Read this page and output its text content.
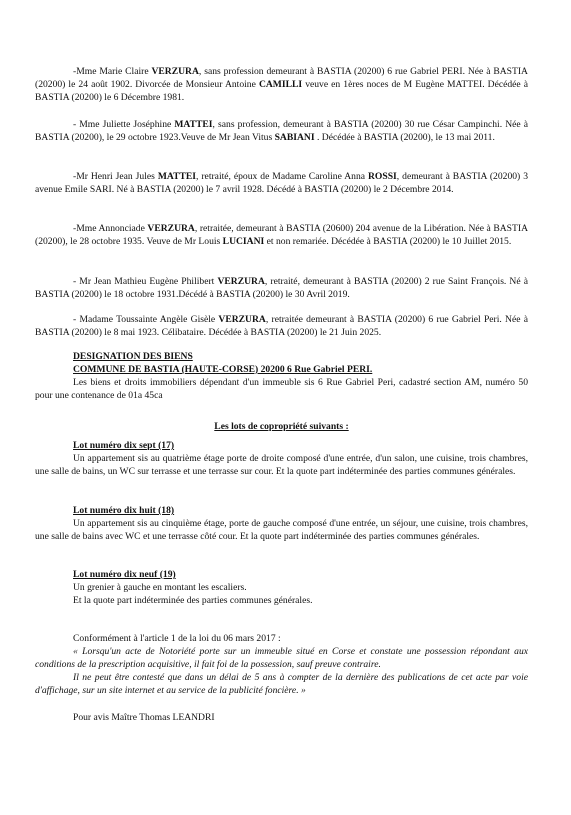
-Mme Marie Claire VERZURA, sans profession demeurant à BASTIA (20200) 6 rue Gabriel PERI. Née à BASTIA (20200) le 24 août 1902. Divorcée de Monsieur Antoine CAMILLI veuve en 1ères noces de M Eugène MATTEI. Décédée à BASTIA (20200) le 6 Décembre 1981.

- Mme Juliette Joséphine MATTEI, sans profession, demeurant à BASTIA (20200) 30 rue César Campinchi. Née à BASTIA (20200), le 29 octobre 1923.Veuve de Mr Jean Vitus SABIANI . Décédée à BASTIA (20200), le 13 mai 2011.

-Mr Henri Jean Jules MATTEI, retraité, époux de Madame Caroline Anna ROSSI, demeurant à BASTIA (20200) 3 avenue Emile SARI. Né à BASTIA (20200) le 7 avril 1928. Décédé à BASTIA (20200) le 2 Décembre 2014.

-Mme Annonciade VERZURA, retraitée, demeurant à BASTIA (20600) 204 avenue de la Libération. Née à BASTIA (20200), le 28 octobre 1935. Veuve de Mr Louis LUCIANI et non remariée. Décédée à BASTIA (20200) le 10 Juillet 2015.

- Mr Jean Mathieu Eugène Philibert VERZURA, retraité, demeurant à BASTIA (20200) 2 rue Saint François. Né à BASTIA (20200) le 18 octobre 1931.Décédé à BASTIA (20200) le 30 Avril 2019.

- Madame Toussainte Angèle Gisèle VERZURA, retraitée demeurant à BASTIA (20200) 6 rue Gabriel Peri. Née à BASTIA (20200) le 8 mai 1923. Célibataire. Décédée à BASTIA (20200) le 21 Juin 2025.

DESIGNATION DES BIENS
COMMUNE DE BASTIA (HAUTE-CORSE) 20200 6 Rue Gabriel PERI.
Les biens et droits immobiliers dépendant d'un immeuble sis 6 Rue Gabriel Peri, cadastré section AM, numéro 50 pour une contenance de 01a 45ca

Les lots de copropriété suivants :

Lot numéro dix sept (17)
Un appartement sis au quatrième étage porte de droite composé d'une entrée, d'un salon, une cuisine, trois chambres, une salle de bains, un WC sur terrasse et une terrasse sur cour. Et la quote part indéterminée des parties communes générales.
Lot numéro dix huit (18)
Un appartement sis au cinquième étage, porte de gauche composé d'une entrée, un séjour, une cuisine, trois chambres, une salle de bains avec WC et une terrasse côté cour. Et la quote part indéterminée des parties communes générales.
Lot numéro dix neuf (19)
Un grenier à gauche en montant les escaliers.
Et la quote part indéterminée des parties communes générales.

Conformément à l'article 1 de la loi du 06 mars 2017 :

« Lorsqu'un acte de Notoriété porte sur un immeuble situé en Corse et constate une possession répondant aux conditions de la prescription acquisitive, il fait foi de la possession, sauf preuve contraire.

Il ne peut être contesté que dans un délai de 5 ans à compter de la dernière des publications de cet acte par voie d'affichage, sur un site internet et au service de la publicité foncière. »

Pour avis Maître Thomas LEANDRI
